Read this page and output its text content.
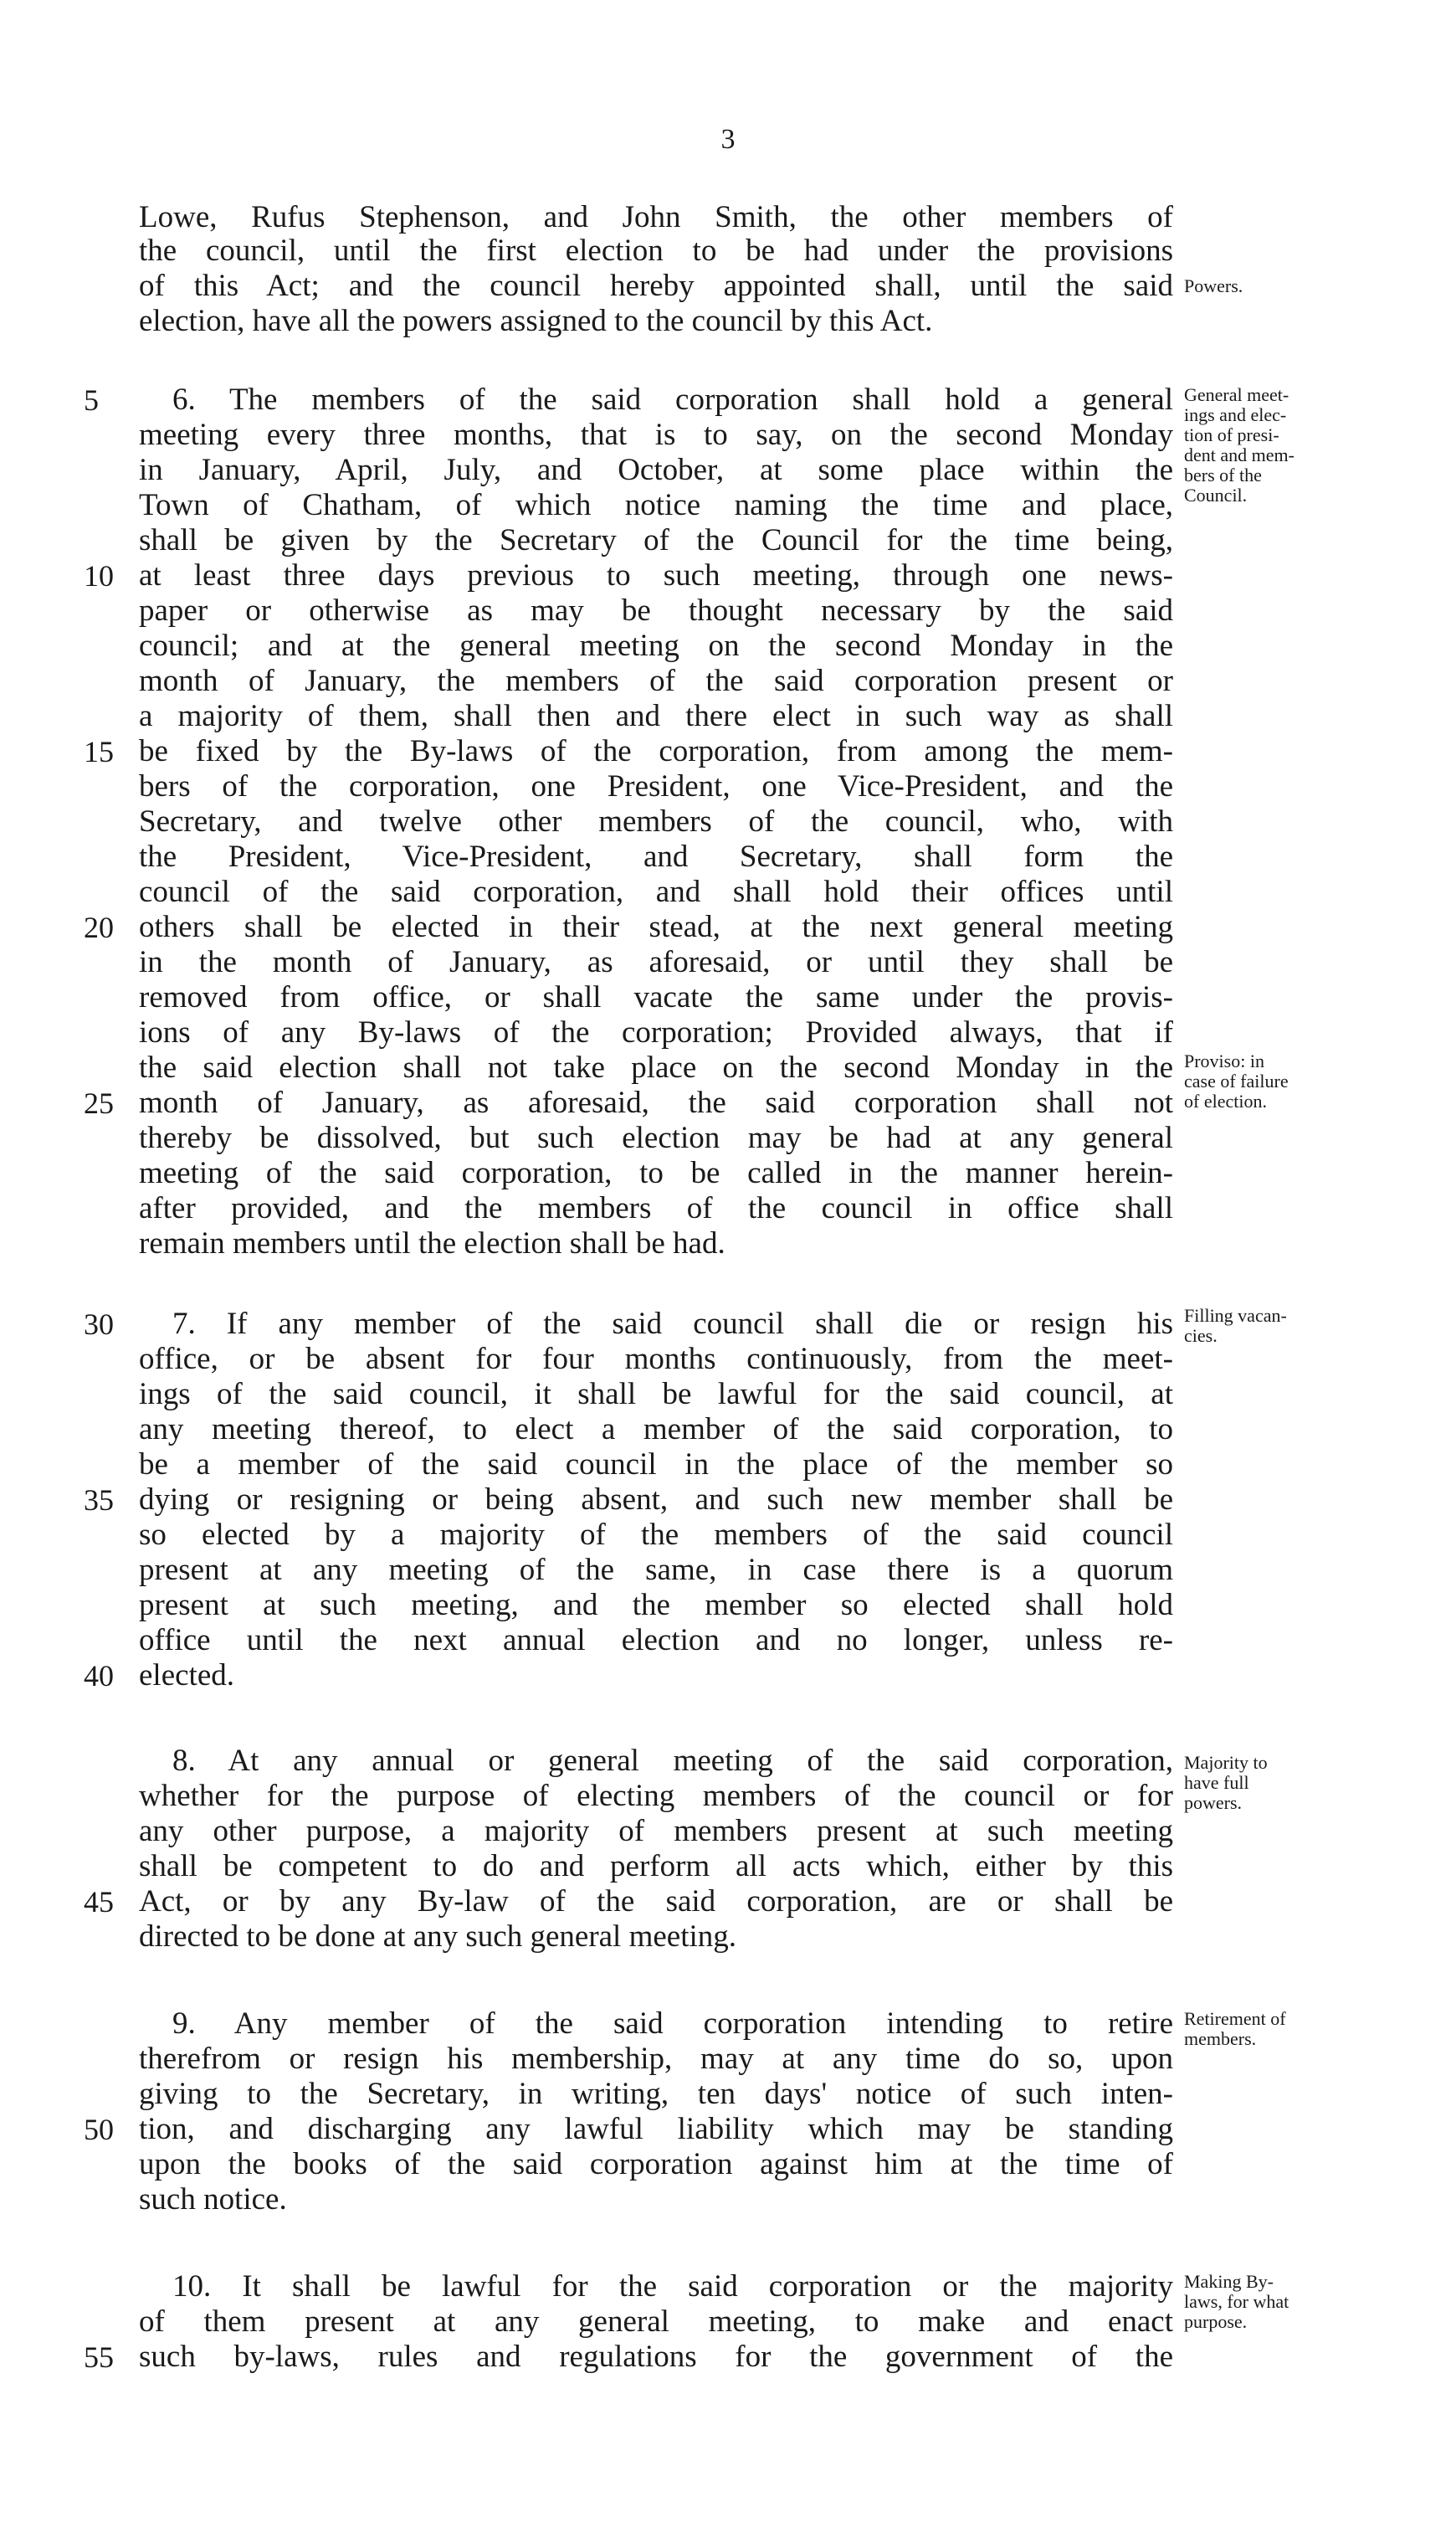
3
Lowe, Rufus Stephenson, and John Smith, the other members of
the council, until the first election to be had under the provisions
of this Act; and the council hereby appointed shall, until the said
election, have all the powers assigned to the council by this Act.
6. The members of the said corporation shall hold a general
meeting every three months, that is to say, on the second Monday
in January, April, July, and October, at some place within the
Town of Chatham, of which notice naming the time and place,
shall be given by the Secretary of the Council for the time being,
at least three days previous to such meeting, through one news-
paper or otherwise as may be thought necessary by the said
council; and at the general meeting on the second Monday in the
month of January, the members of the said corporation present or
a majority of them, shall then and there elect in such way as shall
be fixed by the By-laws of the corporation, from among the mem-
bers of the corporation, one President, one Vice-President, and the
Secretary, and twelve other members of the council, who, with
the President, Vice-President, and Secretary, shall form the
council of the said corporation, and shall hold their offices until
others shall be elected in their stead, at the next general meeting
in the month of January, as aforesaid, or until they shall be
removed from office, or shall vacate the same under the provis-
ions of any By-laws of the corporation; Provided always, that if
the said election shall not take place on the second Monday in the
month of January, as aforesaid, the said corporation shall not
thereby be dissolved, but such election may be had at any general
meeting of the said corporation, to be called in the manner herein-
after provided, and the members of the council in office shall
remain members until the election shall be had.
7. If any member of the said council shall die or resign his
office, or be absent for four months continuously, from the meet-
ings of the said council, it shall be lawful for the said council, at
any meeting thereof, to elect a member of the said corporation, to
be a member of the said council in the place of the member so
dying or resigning or being absent, and such new member shall be
so elected by a majority of the members of the said council
present at any meeting of the same, in case there is a quorum
present at such meeting, and the member so elected shall hold
office until the next annual election and no longer, unless re-
elected.
8. At any annual or general meeting of the said corporation,
whether for the purpose of electing members of the council or for
any other purpose, a majority of members present at such meeting
shall be competent to do and perform all acts which, either by this
Act, or by any By-law of the said corporation, are or shall be
directed to be done at any such general meeting.
9. Any member of the said corporation intending to retire
therefrom or resign his membership, may at any time do so, upon
giving to the Secretary, in writing, ten days' notice of such inten-
tion, and discharging any lawful liability which may be standing
upon the books of the said corporation against him at the time of
such notice.
10. It shall be lawful for the said corporation or the majority
of them present at any general meeting, to make and enact
such by-laws, rules and regulations for the government of the
5
10
15
20
25
30
35
40
45
50
55
Powers.
General meet-
ings and elec-
tion of presi-
dent and mem-
bers of the
Council.
Proviso: in
case of failure
of election.
Filling vacan-
cies.
Majority to
have full
powers.
Retirement of
members.
Making By-
laws, for what
purpose.
